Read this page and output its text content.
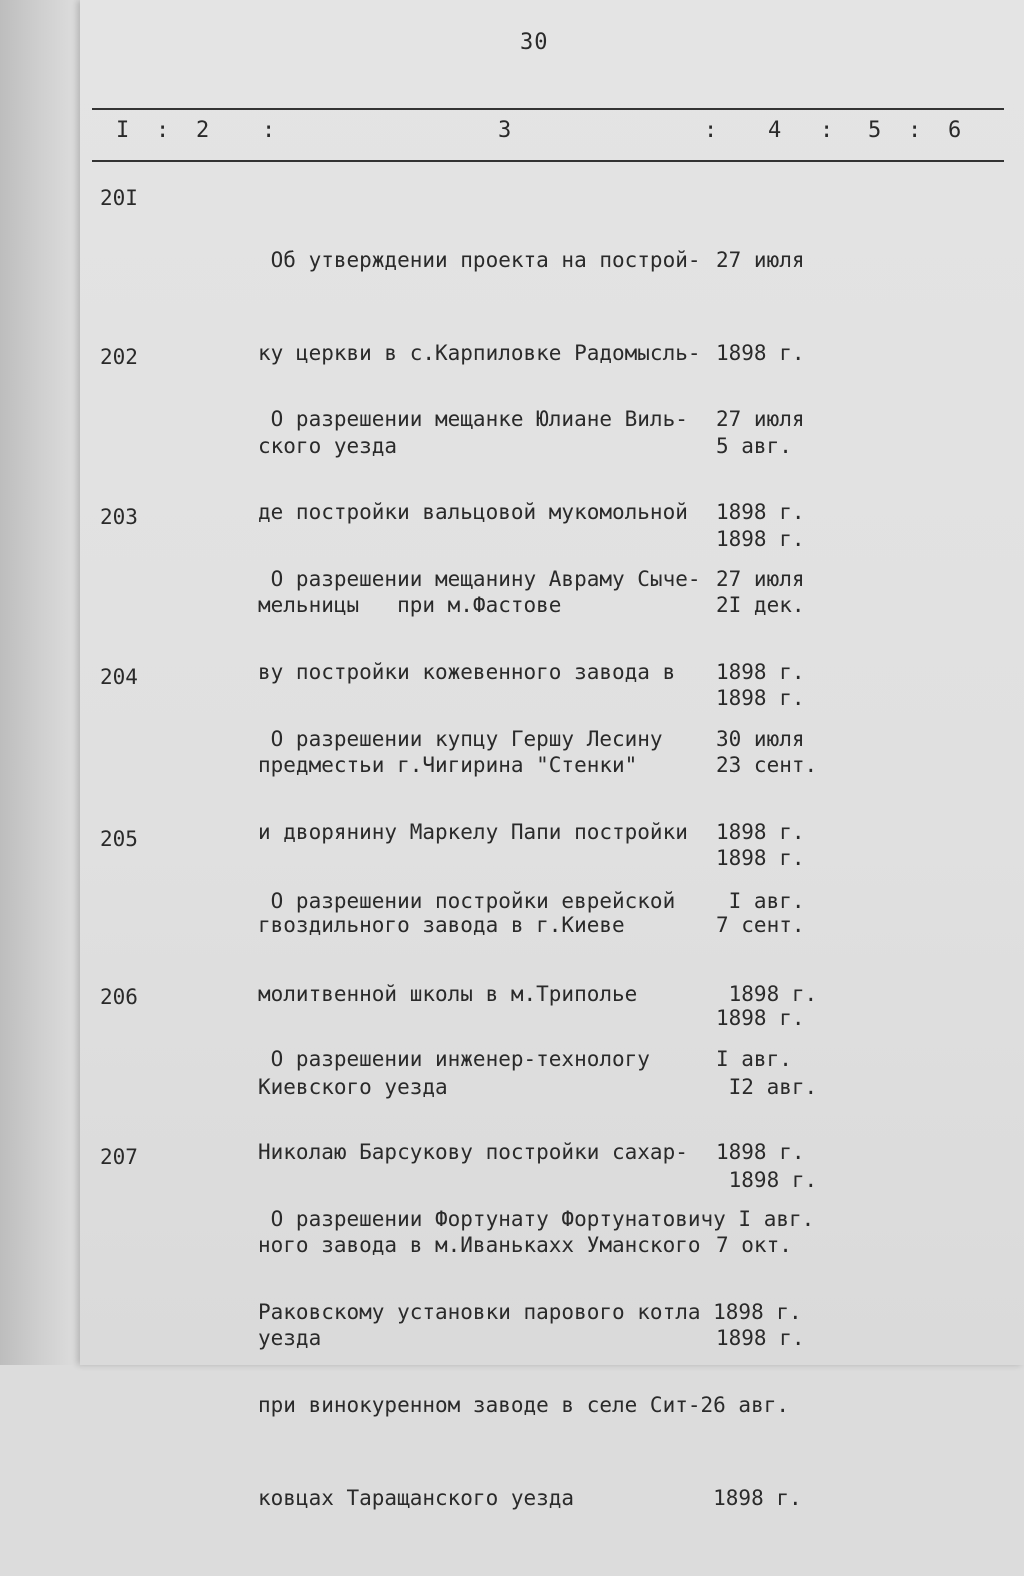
30
I : 2 :	3	: 4 : 5 : 6
20I

Об утверждении проекта на построй-

ку церкви в с.Карпиловке Радомысль-

ского уезда

27 июля

1898 г.

5 авг.

1898 г.

202

О разрешении мещанке Юлиане Виль-

де постройки вальцовой мукомольной

мельницы   при м.Фастове

27 июля

1898 г.

2I дек.

1898 г.

203

О разрешении мещанину Авраму Сыче-

ву постройки кожевенного завода в

предместьи г.Чигирина "Стенки"

27 июля

1898 г.

23 сент.

1898 г.

204

О разрешении купцу Гершу Лесину

и дворянину Маркелу Папи постройки

гвоздильного завода в г.Киеве

30 июля

1898 г.

7 сент.

1898 г.

205

О разрешении постройки еврейской

молитвенной школы в м.Триполье

Киевского уезда

I авг.

1898 г.

I2 авг.

1898 г.

206

О разрешении инженер-технологу

Николаю Барсукову постройки сахар-

ного завода в м.Иванькахх Уманского

уезда

I авг.

1898 г.

7 окт.

1898 г.

207

О разрешении Фортунату Фортунатовичу I авг.

Раковскому установки парового котла 1898 г.

при винокуренном заводе в селе Сит-26 авг.

ковцах Таращанского уезда           1898 г.
